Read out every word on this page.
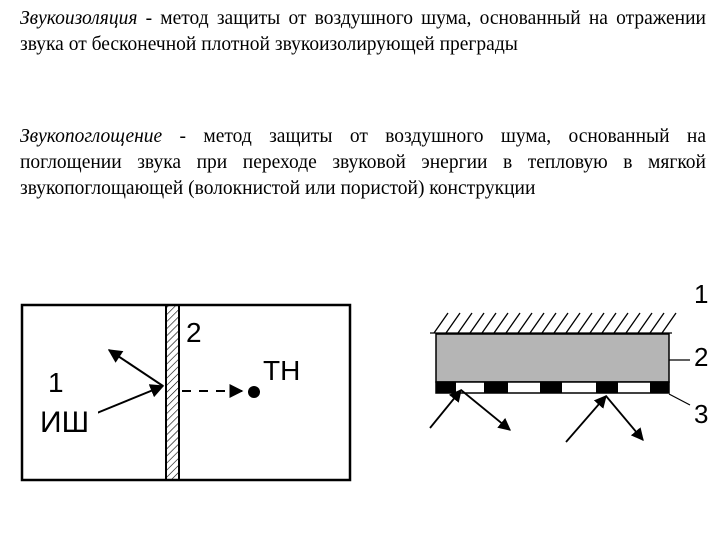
Звукоизоляция - метод защиты от воздушного шума, основанный на отражении звука от бесконечной плотной звукоизолирующей преграды
Звукопоглощение - метод защиты от воздушного шума, основанный на поглощении звука при переходе звуковой энергии в тепловую в мягкой звукопоглощающей (волокнистой или пористой) конструкции
1
2
ТН
ИШ
1
2
3
